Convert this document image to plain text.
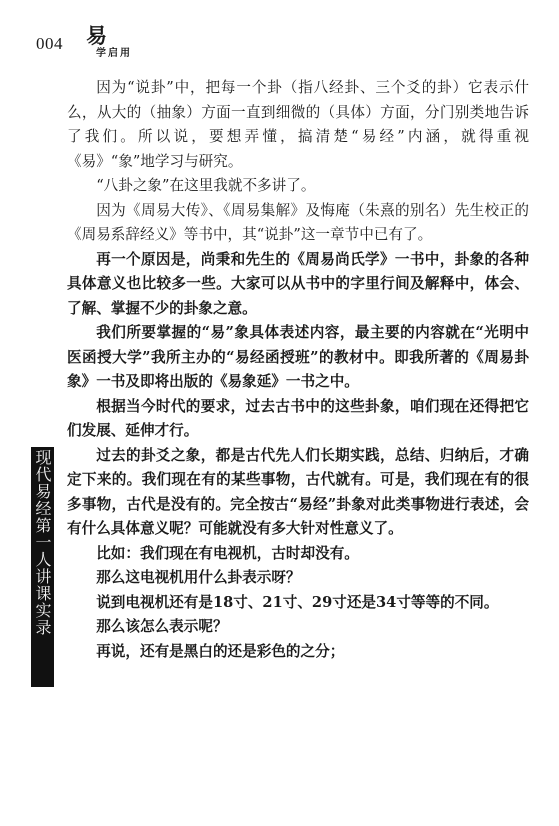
004 易
学启用
现代易经第一人讲课实录

因为“说卦”中，把每一个卦（指八经卦、三个爻的卦）它表示什么，从大的（抽象）方面一直到细微的（具体）方面，分门别类地告诉了我们。所以说，要想弄懂，搞清楚“易经”内涵，就得重视《易》“象”地学习与研究。

“八卦之象”在这里我就不多讲了。

因为《周易大传》、《周易集解》及悔庵（朱熹的别名）先生校正的《周易系辞经义》等书中，其“说卦”这一章节中已有了。

再一个原因是，尚秉和先生的《周易尚氏学》一书中，卦象的各种具体意义也比较多一些。大家可以从书中的字里行间及解释中，体会、了解、掌握不少的卦象之意。

我们所要掌握的“易”象具体表述内容，最主要的内容就在“光明中医函授大学”我所主办的“易经函授班”的教材中。即我所著的《周易卦象》一书及即将出版的《易象延》一书之中。

根据当今时代的要求，过去古书中的这些卦象，咱们现在还得把它们发展、延伸才行。

过去的卦爻之象，都是古代先人们长期实践，总结、归纳后，才确定下来的。我们现在有的某些事物，古代就有。可是，我们现在有的很多事物，古代是没有的。完全按古“易经”卦象对此类事物进行表述，会有什么具体意义呢？可能就没有多大针对性意义了。

比如：我们现在有电视机，古时却没有。

那么这电视机用什么卦表示呀？

说到电视机还有是18寸、21寸、29寸还是34寸等等的不同。

那么该怎么表示呢？

再说，还有是黑白的还是彩色的之分；
